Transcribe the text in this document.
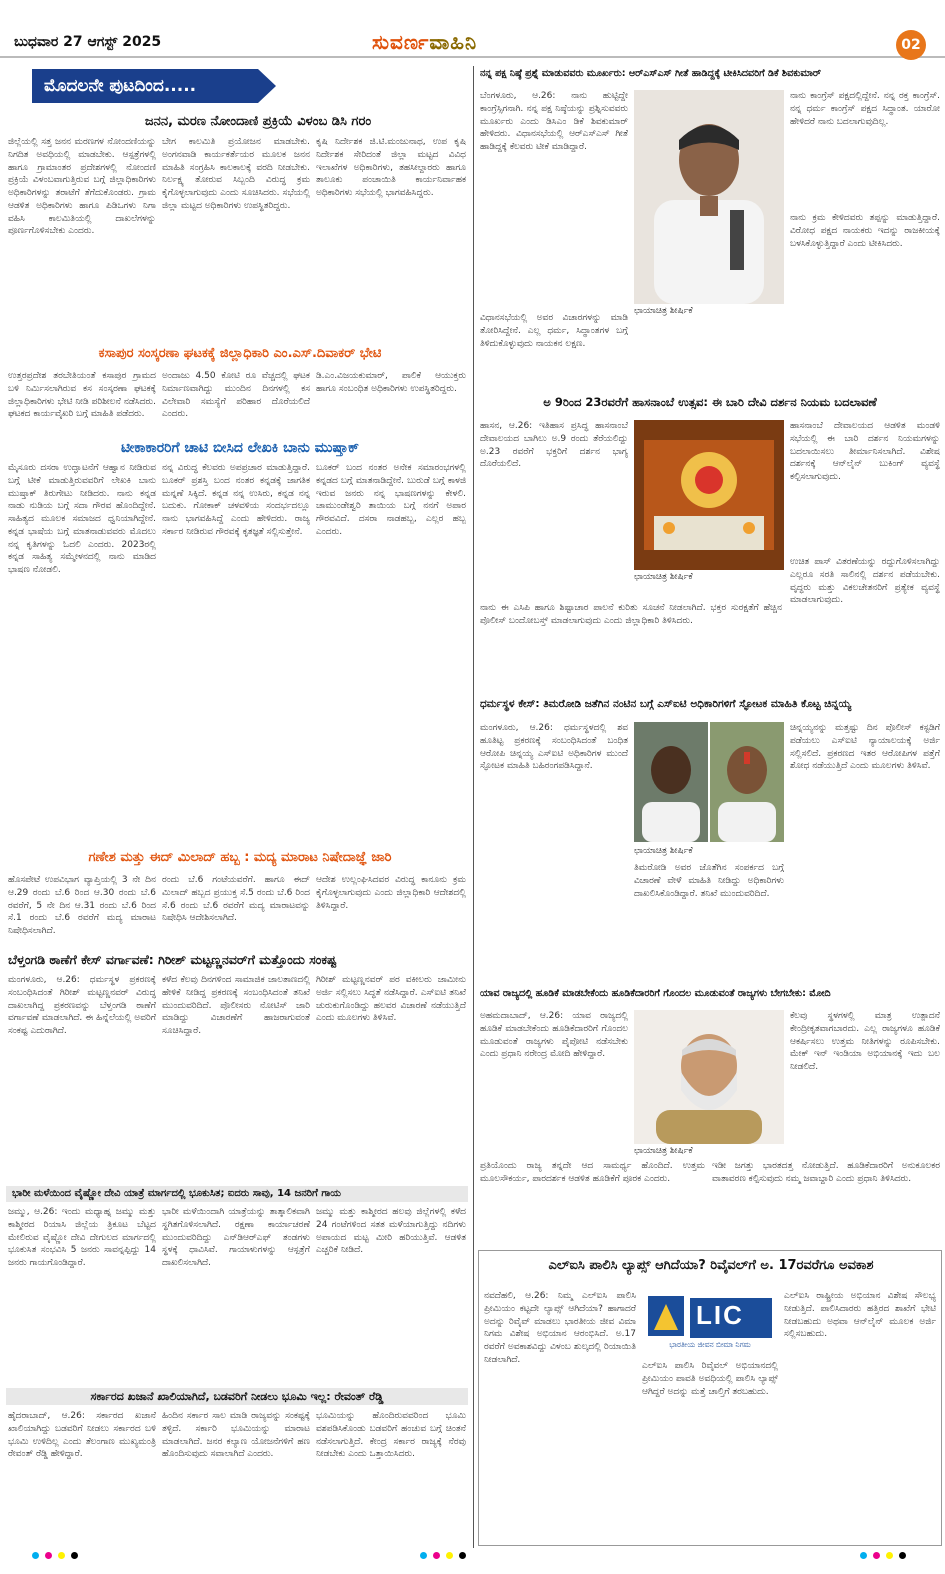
ಬುಧವಾರ 27 ಆಗಸ್ಟ್ 2025	ಸುವರ್ಣವಾಹಿನಿ	02
ಮೊದಲನೇ ಪುಟದಿಂದ.....
ಜನನ, ಮರಣ ನೋಂದಾಣಿ ಪ್ರಕ್ರಿಯೆ ವಿಳಂಬ ಡಿಸಿ ಗರಂ
ಜಿಲ್ಲೆಯಲ್ಲಿ ಸತ್ತ ಜನನ ಮರಣಗಳ ನೋಂದಣಿಯನ್ನು ನಿಗದಿತ ಅವಧಿಯಲ್ಲಿ ಮಾಡಬೇಕು. ಆಸ್ಪತ್ರೆಗಳಲ್ಲಿ ಹಾಗೂ ಗ್ರಾಮಾಂತರ ಪ್ರದೇಶಗಳಲ್ಲಿ ನೋಂದಣಿ ಪ್ರಕ್ರಿಯೆ ವಿಳಂಬವಾಗುತ್ತಿರುವ ಬಗ್ಗೆ ಜಿಲ್ಲಾಧಿಕಾರಿಗಳು ಅಧಿಕಾರಿಗಳನ್ನು ತರಾಟೆಗೆ ತೆಗೆದುಕೊಂಡರು. ಗ್ರಾಮ ಆಡಳಿತ ಅಧಿಕಾರಿಗಳು ಹಾಗೂ ಪಿಡಿಒಗಳು ನಿಗಾ ವಹಿಸಿ ಕಾಲಮಿತಿಯಲ್ಲಿ ದಾಖಲೆಗಳನ್ನು ಪೂರ್ಣಗೊಳಿಸಬೇಕು ಎಂದರು.
ಬೇಗ ಕಾಲಮಿತಿ ಪ್ರಯೋಜನ ಮಾಡಬೇಕು. ಅಂಗನವಾಡಿ ಕಾರ್ಯಕರ್ತೆಯರ ಮೂಲಕ ಜನನ ಮಾಹಿತಿ ಸಂಗ್ರಹಿಸಿ ಕಾಲಕಾಲಕ್ಕೆ ವರದಿ ನೀಡಬೇಕು. ನಿರ್ಲಕ್ಷ್ಯ ತೋರುವ ಸಿಬ್ಬಂದಿ ವಿರುದ್ಧ ಕ್ರಮ ಕೈಗೊಳ್ಳಲಾಗುವುದು ಎಂದು ಸೂಚಿಸಿದರು. ಸಭೆಯಲ್ಲಿ ಜಿಲ್ಲಾ ಮಟ್ಟದ ಅಧಿಕಾರಿಗಳು ಉಪಸ್ಥಿತರಿದ್ದರು.
ಕೃಷಿ ನಿರ್ದೇಶಕ ಜಿ.ಟಿ.ಮಂಜುನಾಥ, ಉಪ ಕೃಷಿ ನಿರ್ದೇಶಕ ಸೇರಿದಂತೆ ಜಿಲ್ಲಾ ಮಟ್ಟದ ವಿವಿಧ ಇಲಾಖೆಗಳ ಅಧಿಕಾರಿಗಳು, ತಹಸೀಲ್ದಾರರು ಹಾಗೂ ತಾಲೂಕು ಪಂಚಾಯಿತಿ ಕಾರ್ಯನಿರ್ವಾಹಕ ಅಧಿಕಾರಿಗಳು ಸಭೆಯಲ್ಲಿ ಭಾಗವಹಿಸಿದ್ದರು.
ಕಸಾಪುರ ಸಂಸ್ಕರಣಾ ಘಟಕಕ್ಕೆ ಜಿಲ್ಲಾಧಿಕಾರಿ ಎಂ.ಎಸ್.ದಿವಾಕರ್ ಭೇಟಿ
ಉತ್ತರಪ್ರದೇಶ ತರಬೇತಿಯಂತೆ ಕಸಾಪುರ ಗ್ರಾಮದ ಬಳಿ ನಿರ್ಮಿಸಲಾಗಿರುವ ಕಸ ಸಂಸ್ಕರಣಾ ಘಟಕಕ್ಕೆ ಜಿಲ್ಲಾಧಿಕಾರಿಗಳು ಭೇಟಿ ನೀಡಿ ಪರಿಶೀಲನೆ ನಡೆಸಿದರು. ಘಟಕದ ಕಾರ್ಯವೈಖರಿ ಬಗ್ಗೆ ಮಾಹಿತಿ ಪಡೆದರು.
ಅಂದಾಜು 4.50 ಕೋಟಿ ರೂ ವೆಚ್ಚದಲ್ಲಿ ಘಟಕ ನಿರ್ಮಾಣವಾಗಿದ್ದು ಮುಂದಿನ ದಿನಗಳಲ್ಲಿ ಕಸ ವಿಲೇವಾರಿ ಸಮಸ್ಯೆಗೆ ಪರಿಹಾರ ದೊರೆಯಲಿದೆ ಎಂದರು.
ಡಿ.ಎಂ.ವಿಜಯಕುಮಾರ್, ಪಾಲಿಕೆ ಆಯುಕ್ತರು ಹಾಗೂ ಸಂಬಂಧಿತ ಅಧಿಕಾರಿಗಳು ಉಪಸ್ಥಿತರಿದ್ದರು.
ಟೀಕಾಕಾರರಿಗೆ ಚಾಟಿ ಬೀಸಿದ ಲೇಖಕಿ ಬಾನು ಮುಷ್ತಾಕ್
ಮೈಸೂರು ದಸರಾ ಉದ್ಘಾಟನೆಗೆ ಆಹ್ವಾನ ನೀಡಿರುವ ಬಗ್ಗೆ ಟೀಕೆ ಮಾಡುತ್ತಿರುವವರಿಗೆ ಲೇಖಕಿ ಬಾನು ಮುಷ್ತಾಕ್ ತಿರುಗೇಟು ನೀಡಿದರು. ನಾನು ಕನ್ನಡ ನಾಡು ನುಡಿಯ ಬಗ್ಗೆ ಸದಾ ಗೌರವ ಹೊಂದಿದ್ದೇನೆ. ಸಾಹಿತ್ಯದ ಮೂಲಕ ಸಮಾಜದ ಧ್ವನಿಯಾಗಿದ್ದೇನೆ. ಕನ್ನಡ ಭಾಷೆಯ ಬಗ್ಗೆ ಮಾತನಾಡುವವರು ಮೊದಲು ನನ್ನ ಕೃತಿಗಳನ್ನು ಓದಲಿ ಎಂದರು. 2023ರಲ್ಲಿ ಕನ್ನಡ ಸಾಹಿತ್ಯ ಸಮ್ಮೇಳನದಲ್ಲಿ ನಾನು ಮಾಡಿದ ಭಾಷಣ ನೋಡಲಿ.
ನನ್ನ ವಿರುದ್ಧ ಕೆಲವರು ಅಪಪ್ರಚಾರ ಮಾಡುತ್ತಿದ್ದಾರೆ. ಬೂಕರ್ ಪ್ರಶಸ್ತಿ ಬಂದ ನಂತರ ಕನ್ನಡಕ್ಕೆ ಜಾಗತಿಕ ಮನ್ನಣೆ ಸಿಕ್ಕಿದೆ. ಕನ್ನಡ ನನ್ನ ಉಸಿರು, ಕನ್ನಡ ನನ್ನ ಬದುಕು. ಗೋಕಾಕ್ ಚಳವಳಿಯ ಸಂದರ್ಭದಲ್ಲೂ ನಾನು ಭಾಗವಹಿಸಿದ್ದೆ ಎಂದು ಹೇಳಿದರು. ರಾಜ್ಯ ಸರ್ಕಾರ ನೀಡಿರುವ ಗೌರವಕ್ಕೆ ಕೃತಜ್ಞತೆ ಸಲ್ಲಿಸುತ್ತೇನೆ.
ಬೂಕರ್ ಬಂದ ನಂತರ ಅನೇಕ ಸಮಾರಂಭಗಳಲ್ಲಿ ಕನ್ನಡದ ಬಗ್ಗೆ ಮಾತನಾಡಿದ್ದೇನೆ. ಬುರುಡೆ ಬಗ್ಗೆ ಕಾಳಜಿ ಇರುವ ಜನರು ನನ್ನ ಭಾಷಣಗಳನ್ನು ಕೇಳಲಿ. ಚಾಮುಂಡೇಶ್ವರಿ ತಾಯಿಯ ಬಗ್ಗೆ ನನಗೆ ಅಪಾರ ಗೌರವವಿದೆ. ದಸರಾ ನಾಡಹಬ್ಬ, ಎಲ್ಲರ ಹಬ್ಬ ಎಂದರು.
ಗಣೇಶ ಮತ್ತು ಈದ್ ಮಿಲಾದ್ ಹಬ್ಬ : ಮದ್ಯ ಮಾರಾಟ ನಿಷೇದಾಜ್ಞೆ ಜಾರಿ
ಹೊಸಪೇಟೆ ಉಪವಿಭಾಗ ವ್ಯಾಪ್ತಿಯಲ್ಲಿ 3 ನೇ ದಿನ ಆ.29 ರಂದು ಬೆ.6 ರಿಂದ ಆ.30 ರಂದು ಬೆ.6 ರವರೆಗೆ, 5 ನೇ ದಿನ ಆ.31 ರಂದು ಬೆ.6 ರಿಂದ ಸೆ.1 ರಂದು ಬೆ.6 ರವರೆಗೆ ಮದ್ಯ ಮಾರಾಟ ನಿಷೇಧಿಸಲಾಗಿದೆ.
ರಂದು ಬೆ.6 ಗಂಟೆಯವರೆಗೆ. ಹಾಗೂ ಈದ್ ಮಿಲಾದ್ ಹಬ್ಬದ ಪ್ರಯುಕ್ತ ಸೆ.5 ರಂದು ಬೆ.6 ರಿಂದ ಸೆ.6 ರಂದು ಬೆ.6 ರವರೆಗೆ ಮದ್ಯ ಮಾರಾಟವನ್ನು ನಿಷೇಧಿಸಿ ಆದೇಶಿಸಲಾಗಿದೆ.
ಆದೇಶ ಉಲ್ಲಂಘಿಸಿದವರ ವಿರುದ್ಧ ಕಾನೂನು ಕ್ರಮ ಕೈಗೊಳ್ಳಲಾಗುವುದು ಎಂದು ಜಿಲ್ಲಾಧಿಕಾರಿ ಆದೇಶದಲ್ಲಿ ತಿಳಿಸಿದ್ದಾರೆ.
ಬೆಳ್ತಂಗಡಿ ಠಾಣೆಗೆ ಕೇಸ್ ವರ್ಗಾವಣೆ: ಗಿರೀಶ್ ಮಟ್ಟಣ್ಣನವರ್‌ಗೆ ಮತ್ತೊಂದು ಸಂಕಷ್ಟ
ಮಂಗಳೂರು, ಆ.26: ಧರ್ಮಸ್ಥಳ ಪ್ರಕರಣಕ್ಕೆ ಸಂಬಂಧಿಸಿದಂತೆ ಗಿರೀಶ್ ಮಟ್ಟಣ್ಣನವರ್ ವಿರುದ್ಧ ದಾಖಲಾಗಿದ್ದ ಪ್ರಕರಣವನ್ನು ಬೆಳ್ತಂಗಡಿ ಠಾಣೆಗೆ ವರ್ಗಾವಣೆ ಮಾಡಲಾಗಿದೆ. ಈ ಹಿನ್ನೆಲೆಯಲ್ಲಿ ಅವರಿಗೆ ಸಂಕಷ್ಟ ಎದುರಾಗಿದೆ.
ಕಳೆದ ಕೆಲವು ದಿನಗಳಿಂದ ಸಾಮಾಜಿಕ ಜಾಲತಾಣದಲ್ಲಿ ಹೇಳಿಕೆ ನೀಡಿದ್ದ ಪ್ರಕರಣಕ್ಕೆ ಸಂಬಂಧಿಸಿದಂತೆ ತನಿಖೆ ಮುಂದುವರಿದಿದೆ. ಪೊಲೀಸರು ನೋಟಿಸ್ ಜಾರಿ ಮಾಡಿದ್ದು ವಿಚಾರಣೆಗೆ ಹಾಜರಾಗುವಂತೆ ಸೂಚಿಸಿದ್ದಾರೆ.
ಗಿರೀಶ್ ಮಟ್ಟಣ್ಣನವರ್ ಪರ ವಕೀಲರು ಜಾಮೀನು ಅರ್ಜಿ ಸಲ್ಲಿಸಲು ಸಿದ್ಧತೆ ನಡೆಸಿದ್ದಾರೆ. ಎಸ್‌ಐಟಿ ತನಿಖೆ ಚುರುಕುಗೊಂಡಿದ್ದು ಹಲವರ ವಿಚಾರಣೆ ನಡೆಯುತ್ತಿದೆ ಎಂದು ಮೂಲಗಳು ತಿಳಿಸಿವೆ.
ಭಾರೀ ಮಳೆಯಿಂದ ವೈಷ್ಣೋ ದೇವಿ ಯಾತ್ರೆ ಮಾರ್ಗದಲ್ಲಿ ಭೂಕುಸಿತ; ಐದರು ಸಾವು, 14 ಜನರಿಗೆ ಗಾಯ
ಜಮ್ಮು, ಆ.26: ಇಂದು ಮಧ್ಯಾಹ್ನ ಜಮ್ಮು ಮತ್ತು ಕಾಶ್ಮೀರದ ರಿಯಾಸಿ ಜಿಲ್ಲೆಯ ತ್ರಿಕೂಟ ಬೆಟ್ಟದ ಮೇಲಿರುವ ವೈಷ್ಣೋ ದೇವಿ ದೇಗುಲದ ಮಾರ್ಗದಲ್ಲಿ ಭೂಕುಸಿತ ಸಂಭವಿಸಿ 5 ಜನರು ಸಾವನ್ನಪ್ಪಿದ್ದು 14 ಜನರು ಗಾಯಗೊಂಡಿದ್ದಾರೆ.
ಭಾರೀ ಮಳೆಯಿಂದಾಗಿ ಯಾತ್ರೆಯನ್ನು ತಾತ್ಕಾಲಿಕವಾಗಿ ಸ್ಥಗಿತಗೊಳಿಸಲಾಗಿದೆ. ರಕ್ಷಣಾ ಕಾರ್ಯಾಚರಣೆ ಮುಂದುವರಿದಿದ್ದು ಎನ್‌ಡಿಆರ್‌ಎಫ್ ತಂಡಗಳು ಸ್ಥಳಕ್ಕೆ ಧಾವಿಸಿವೆ. ಗಾಯಾಳುಗಳನ್ನು ಆಸ್ಪತ್ರೆಗೆ ದಾಖಲಿಸಲಾಗಿದೆ.
ಜಮ್ಮು ಮತ್ತು ಕಾಶ್ಮೀರದ ಹಲವು ಜಿಲ್ಲೆಗಳಲ್ಲಿ ಕಳೆದ 24 ಗಂಟೆಗಳಿಂದ ಸತತ ಮಳೆಯಾಗುತ್ತಿದ್ದು ನದಿಗಳು ಅಪಾಯದ ಮಟ್ಟ ಮೀರಿ ಹರಿಯುತ್ತಿವೆ. ಆಡಳಿತ ಎಚ್ಚರಿಕೆ ನೀಡಿದೆ.
ಸರ್ಕಾರದ ಖಜಾನೆ ಖಾಲಿಯಾಗಿದೆ, ಬಡವರಿಗೆ ನೀಡಲು ಭೂಮಿ ಇಲ್ಲ: ರೇವಂತ್ ರೆಡ್ಡಿ
ಹೈದರಾಬಾದ್, ಆ.26: ಸರ್ಕಾರದ ಖಜಾನೆ ಖಾಲಿಯಾಗಿದ್ದು ಬಡವರಿಗೆ ನೀಡಲು ಸರ್ಕಾರದ ಬಳಿ ಭೂಮಿ ಉಳಿದಿಲ್ಲ ಎಂದು ತೆಲಂಗಾಣ ಮುಖ್ಯಮಂತ್ರಿ ರೇವಂತ್ ರೆಡ್ಡಿ ಹೇಳಿದ್ದಾರೆ.
ಹಿಂದಿನ ಸರ್ಕಾರ ಸಾಲ ಮಾಡಿ ರಾಜ್ಯವನ್ನು ಸಂಕಷ್ಟಕ್ಕೆ ತಳ್ಳಿದೆ. ಸರ್ಕಾರಿ ಭೂಮಿಯನ್ನು ಮಾರಾಟ ಮಾಡಲಾಗಿದೆ. ಜನರ ಕಲ್ಯಾಣ ಯೋಜನೆಗಳಿಗೆ ಹಣ ಹೊಂದಿಸುವುದು ಸವಾಲಾಗಿದೆ ಎಂದರು.
ಭೂಮಿಯನ್ನು ಹೊಂದಿರುವವರಿಂದ ಭೂಮಿ ವಶಪಡಿಸಿಕೊಂಡು ಬಡವರಿಗೆ ಹಂಚುವ ಬಗ್ಗೆ ಚಿಂತನೆ ನಡೆಸಲಾಗುತ್ತಿದೆ. ಕೇಂದ್ರ ಸರ್ಕಾರ ರಾಜ್ಯಕ್ಕೆ ನೆರವು ನೀಡಬೇಕು ಎಂದು ಒತ್ತಾಯಿಸಿದರು.
ನನ್ನ ಪಕ್ಷ ನಿಷ್ಠೆ ಪ್ರಶ್ನೆ ಮಾಡುವವರು ಮೂರ್ಖರು: ಆರ್‌ಎಸ್‌ಎಸ್ ಗೀತೆ ಹಾಡಿದ್ದಕ್ಕೆ ಟೀಕಿಸಿದವರಿಗೆ ಡಿಕೆ ಶಿವಕುಮಾರ್
ಬೆಂಗಳೂರು, ಆ.26: ನಾನು ಹುಟ್ಟಿದ್ದೇ ಕಾಂಗ್ರೆಸ್ಸಿಗನಾಗಿ. ನನ್ನ ಪಕ್ಷ ನಿಷ್ಠೆಯನ್ನು ಪ್ರಶ್ನಿಸುವವರು ಮೂರ್ಖರು ಎಂದು ಡಿಸಿಎಂ ಡಿಕೆ ಶಿವಕುಮಾರ್ ಹೇಳಿದರು. ವಿಧಾನಸಭೆಯಲ್ಲಿ ಆರ್‌ಎಸ್‌ಎಸ್ ಗೀತೆ ಹಾಡಿದ್ದಕ್ಕೆ ಕೆಲವರು ಟೀಕೆ ಮಾಡಿದ್ದಾರೆ.
ಛಾಯಾಚಿತ್ರ ಶೀರ್ಷಿಕೆ
ನಾನು ಕಾಂಗ್ರೆಸ್ ಪಕ್ಷದಲ್ಲಿದ್ದೇನೆ. ನನ್ನ ರಕ್ತ ಕಾಂಗ್ರೆಸ್. ನನ್ನ ಧರ್ಮ ಕಾಂಗ್ರೆಸ್ ಪಕ್ಷದ ಸಿದ್ಧಾಂತ. ಯಾರೋ ಹೇಳಿದರೆ ನಾನು ಬದಲಾಗುವುದಿಲ್ಲ.
ನಾನು ಕ್ರಮ ಕೇಳಿದವರು ತಪ್ಪನ್ನು ಮಾಡುತ್ತಿದ್ದಾರೆ. ವಿರೋಧ ಪಕ್ಷದ ನಾಯಕರು ಇದನ್ನು ರಾಜಕೀಯಕ್ಕೆ ಬಳಸಿಕೊಳ್ಳುತ್ತಿದ್ದಾರೆ ಎಂದು ಟೀಕಿಸಿದರು.
ವಿಧಾನಸಭೆಯಲ್ಲಿ ಅವರ ವಿಚಾರಗಳನ್ನು ಮಾಡಿ ತೋರಿಸಿದ್ದೇನೆ. ಎಲ್ಲ ಧರ್ಮ, ಸಿದ್ಧಾಂತಗಳ ಬಗ್ಗೆ ತಿಳಿದುಕೊಳ್ಳುವುದು ನಾಯಕನ ಲಕ್ಷಣ.
ಅ 9ರಿಂದ 23ರವರೆಗೆ ಹಾಸನಾಂಬೆ ಉತ್ಸವ: ಈ ಬಾರಿ ದೇವಿ ದರ್ಶನ ನಿಯಮ ಬದಲಾವಣೆ
ಹಾಸನ, ಆ.26: ಇತಿಹಾಸ ಪ್ರಸಿದ್ಧ ಹಾಸನಾಂಬೆ ದೇವಾಲಯದ ಬಾಗಿಲು ಅ.9 ರಂದು ತೆರೆಯಲಿದ್ದು ಅ.23 ರವರೆಗೆ ಭಕ್ತರಿಗೆ ದರ್ಶನ ಭಾಗ್ಯ ದೊರೆಯಲಿದೆ.
ಛಾಯಾಚಿತ್ರ ಶೀರ್ಷಿಕೆ
ಹಾಸನಾಂಬೆ ದೇವಾಲಯದ ಆಡಳಿತ ಮಂಡಳಿ ಸಭೆಯಲ್ಲಿ ಈ ಬಾರಿ ದರ್ಶನ ನಿಯಮಗಳನ್ನು ಬದಲಾಯಿಸಲು ತೀರ್ಮಾನಿಸಲಾಗಿದೆ. ವಿಶೇಷ ದರ್ಶನಕ್ಕೆ ಆನ್‌ಲೈನ್ ಬುಕಿಂಗ್ ವ್ಯವಸ್ಥೆ ಕಲ್ಪಿಸಲಾಗುವುದು.
ಉಚಿತ ಪಾಸ್ ವಿತರಣೆಯನ್ನು ರದ್ದುಗೊಳಿಸಲಾಗಿದ್ದು ಎಲ್ಲರೂ ಸರತಿ ಸಾಲಿನಲ್ಲಿ ದರ್ಶನ ಪಡೆಯಬೇಕು. ವೃದ್ಧರು ಮತ್ತು ವಿಕಲಚೇತನರಿಗೆ ಪ್ರತ್ಯೇಕ ವ್ಯವಸ್ಥೆ ಮಾಡಲಾಗುವುದು.
ನಾನು ಈ ಎಸಿಪಿ ಹಾಗೂ ಶಿಷ್ಟಾಚಾರ ಪಾಲನೆ ಕುರಿತು ಸೂಚನೆ ನೀಡಲಾಗಿದೆ. ಭಕ್ತರ ಸುರಕ್ಷತೆಗೆ ಹೆಚ್ಚಿನ ಪೊಲೀಸ್ ಬಂದೋಬಸ್ತ್ ಮಾಡಲಾಗುವುದು ಎಂದು ಜಿಲ್ಲಾಧಿಕಾರಿ ತಿಳಿಸಿದರು.
ಧರ್ಮಸ್ಥಳ ಕೇಸ್: ತಿಮರೋಡಿ ಜತೆಗಿನ ನಂಟಿನ ಬಗ್ಗೆ ಎಸ್‌ಐಟಿ ಅಧಿಕಾರಿಗಳಿಗೆ ಸ್ಫೋಟಕ ಮಾಹಿತಿ ಕೊಟ್ಟ ಚಿನ್ನಯ್ಯ
ಮಂಗಳೂರು, ಆ.26: ಧರ್ಮಸ್ಥಳದಲ್ಲಿ ಶವ ಹೂತಿಟ್ಟ ಪ್ರಕರಣಕ್ಕೆ ಸಂಬಂಧಿಸಿದಂತೆ ಬಂಧಿತ ಆರೋಪಿ ಚಿನ್ನಯ್ಯ ಎಸ್‌ಐಟಿ ಅಧಿಕಾರಿಗಳ ಮುಂದೆ ಸ್ಫೋಟಕ ಮಾಹಿತಿ ಬಹಿರಂಗಪಡಿಸಿದ್ದಾನೆ.
ಛಾಯಾಚಿತ್ರ ಶೀರ್ಷಿಕೆ
ತಿಮರೋಡಿ ಅವರ ಜೊತೆಗಿನ ಸಂಪರ್ಕದ ಬಗ್ಗೆ ವಿಚಾರಣೆ ವೇಳೆ ಮಾಹಿತಿ ನೀಡಿದ್ದು ಅಧಿಕಾರಿಗಳು ದಾಖಲಿಸಿಕೊಂಡಿದ್ದಾರೆ. ತನಿಖೆ ಮುಂದುವರಿದಿದೆ.
ಚಿನ್ನಯ್ಯನನ್ನು ಮತ್ತಷ್ಟು ದಿನ ಪೊಲೀಸ್ ಕಸ್ಟಡಿಗೆ ಪಡೆಯಲು ಎಸ್‌ಐಟಿ ನ್ಯಾಯಾಲಯಕ್ಕೆ ಅರ್ಜಿ ಸಲ್ಲಿಸಲಿದೆ. ಪ್ರಕರಣದ ಇತರ ಆರೋಪಿಗಳ ಪತ್ತೆಗೆ ಶೋಧ ನಡೆಯುತ್ತಿದೆ ಎಂದು ಮೂಲಗಳು ತಿಳಿಸಿವೆ.
ಯಾವ ರಾಜ್ಯದಲ್ಲಿ ಹೂಡಿಕೆ ಮಾಡಬೇಕೆಂದು ಹೂಡಿಕೆದಾರರಿಗೆ ಗೊಂದಲ ಮೂಡುವಂತೆ ರಾಜ್ಯಗಳು ಬೇಗಬೇಕು: ಮೋದಿ
ಅಹಮದಾಬಾದ್, ಆ.26: ಯಾವ ರಾಜ್ಯದಲ್ಲಿ ಹೂಡಿಕೆ ಮಾಡಬೇಕೆಂದು ಹೂಡಿಕೆದಾರರಿಗೆ ಗೊಂದಲ ಮೂಡುವಂತೆ ರಾಜ್ಯಗಳು ಪೈಪೋಟಿ ನಡೆಸಬೇಕು ಎಂದು ಪ್ರಧಾನಿ ನರೇಂದ್ರ ಮೋದಿ ಹೇಳಿದ್ದಾರೆ.
ಛಾಯಾಚಿತ್ರ ಶೀರ್ಷಿಕೆ
ಕೆಲವು ಸ್ಥಳಗಳಲ್ಲಿ ಮಾತ್ರ ಉತ್ಪಾದನೆ ಕೇಂದ್ರೀಕೃತವಾಗಬಾರದು. ಎಲ್ಲ ರಾಜ್ಯಗಳೂ ಹೂಡಿಕೆ ಆಕರ್ಷಿಸಲು ಉತ್ತಮ ನೀತಿಗಳನ್ನು ರೂಪಿಸಬೇಕು. ಮೇಕ್ ಇನ್ ಇಂಡಿಯಾ ಅಭಿಯಾನಕ್ಕೆ ಇದು ಬಲ ನೀಡಲಿದೆ.
ಪ್ರತಿಯೊಂದು ರಾಜ್ಯ ತನ್ನದೇ ಆದ ಸಾಮರ್ಥ್ಯ ಹೊಂದಿದೆ. ಉತ್ತಮ ಮೂಲಸೌಕರ್ಯ, ಪಾರದರ್ಶಕ ಆಡಳಿತ ಹೂಡಿಕೆಗೆ ಪೂರಕ ಎಂದರು.
ಇಡೀ ಜಗತ್ತು ಭಾರತದತ್ತ ನೋಡುತ್ತಿದೆ. ಹೂಡಿಕೆದಾರರಿಗೆ ಅನುಕೂಲಕರ ವಾತಾವರಣ ಕಲ್ಪಿಸುವುದು ನಮ್ಮ ಜವಾಬ್ದಾರಿ ಎಂದು ಪ್ರಧಾನಿ ತಿಳಿಸಿದರು.
ಎಲ್‌ಐಸಿ ಪಾಲಿಸಿ ಲ್ಯಾಪ್ಸ್ ಆಗಿದೆಯಾ? ರಿವೈವಲ್‌ಗೆ ಅ. 17ರವರೆಗೂ ಅವಕಾಶ
ನವದೆಹಲಿ, ಆ.26: ನಿಮ್ಮ ಎಲ್‌ಐಸಿ ಪಾಲಿಸಿ ಪ್ರೀಮಿಯಂ ಕಟ್ಟದೇ ಲ್ಯಾಪ್ಸ್ ಆಗಿದೆಯಾ? ಹಾಗಾದರೆ ಅದನ್ನು ರಿವೈವ್ ಮಾಡಲು ಭಾರತೀಯ ಜೀವ ವಿಮಾ ನಿಗಮ ವಿಶೇಷ ಅಭಿಯಾನ ಆರಂಭಿಸಿದೆ. ಅ.17 ರವರೆಗೆ ಅವಕಾಶವಿದ್ದು ವಿಳಂಬ ಶುಲ್ಕದಲ್ಲಿ ರಿಯಾಯಿತಿ ನೀಡಲಾಗಿದೆ.
LIC
ಭಾರತೀಯ ಜೀವನ ಬೀಮಾ ನಿಗಮ
ಎಲ್‌ಐಸಿ ಪಾಲಿಸಿ ರಿವೈವಲ್ ಅಭಿಯಾನದಲ್ಲಿ ಪ್ರೀಮಿಯಂ ಪಾವತಿ ಅವಧಿಯಲ್ಲಿ ಪಾಲಿಸಿ ಲ್ಯಾಪ್ಸ್ ಆಗಿದ್ದರೆ ಅದನ್ನು ಮತ್ತೆ ಚಾಲ್ತಿಗೆ ತರಬಹುದು.
ಎಲ್‌ಐಸಿ ರಾಷ್ಟ್ರೀಯ ಅಭಿಯಾನ ವಿಶೇಷ ಸೌಲಭ್ಯ ನೀಡುತ್ತಿದೆ. ಪಾಲಿಸಿದಾರರು ಹತ್ತಿರದ ಶಾಖೆಗೆ ಭೇಟಿ ನೀಡಬಹುದು ಅಥವಾ ಆನ್‌ಲೈನ್ ಮೂಲಕ ಅರ್ಜಿ ಸಲ್ಲಿಸಬಹುದು.
